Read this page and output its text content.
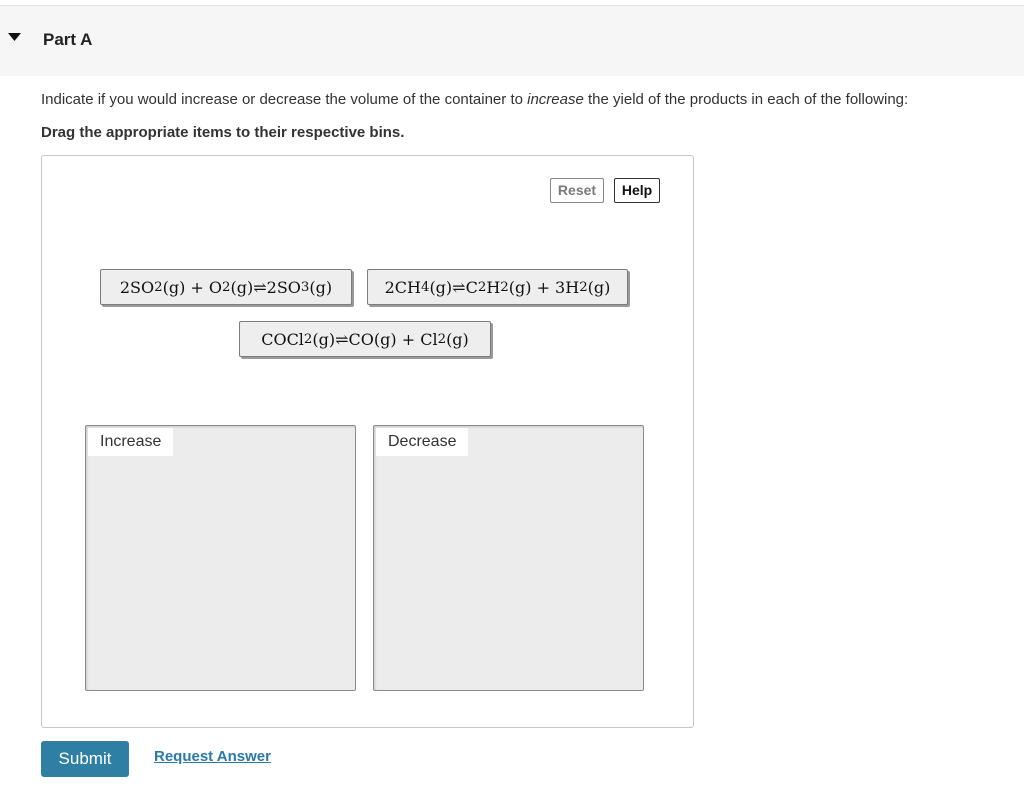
Part A
Indicate if you would increase or decrease the volume of the container to increase the yield of the products in each of the following:
Drag the appropriate items to their respective bins.
Reset	Help
2SO 2 (g) + O 2 (g) ⇌ 2SO 3 (g)	2CH 4 (g) ⇌ C 2 H 2 (g) + 3H 2 (g)
COCl 2 (g) ⇌ CO(g) + Cl 2 (g)
Increase	Decrease
Submit	Request Answer
